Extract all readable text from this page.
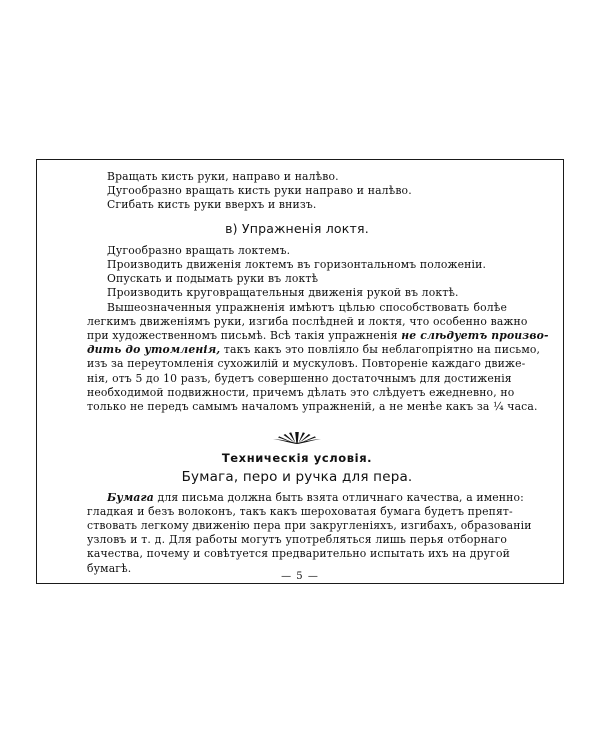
Вращать кисть руки, направо и налѣво.
Дугообразно вращать кисть руки направо и налѣво.
Сгибать кисть руки вверхъ и внизъ.
в) Упражненія локтя.
Дугообразно вращать локтемъ.
Производить движенія локтемъ въ горизонтальномъ положеніи.
Опускать и подымать руки въ локтѣ
Производить круговращательныя движенія рукой въ локтѣ.
Вышеозначенныя упражненія имѣютъ цѣлью способствовать болѣе
легкимъ движеніямъ руки, изгиба послѣдней и локтя, что особенно важно
при художественномъ письмѣ. Всѣ такія упражненія не слѣдуетъ произво-
дить до утомленія, такъ какъ это повліяло бы неблагопріятно на письмо,
изъ за переутомленія сухожилій и мускуловъ. Повтореніе каждаго движе-
нія, отъ 5 до 10 разъ, будетъ совершенно достаточнымъ для достиженія
необходимой подвижности, причемъ дѣлать это слѣдуетъ ежедневно, но
только не передъ самымъ началомъ упражненій, а не менѣе какъ за ¼ часа.
Техническія условія.
Бумага, перо и ручка для пера.
Бумага для письма должна быть взята отличнаго качества, а именно:
гладкая и безъ волоконъ, такъ какъ шероховатая бумага будетъ препят-
ствовать легкому движенію пера при закругленіяхъ, изгибахъ, образованіи
узловъ и т. д. Для работы могутъ употребляться лишь перья отборнаго
качества, почему и совѣтуется предварительно испытать ихъ на другой
бумагѣ.
— 5 —
